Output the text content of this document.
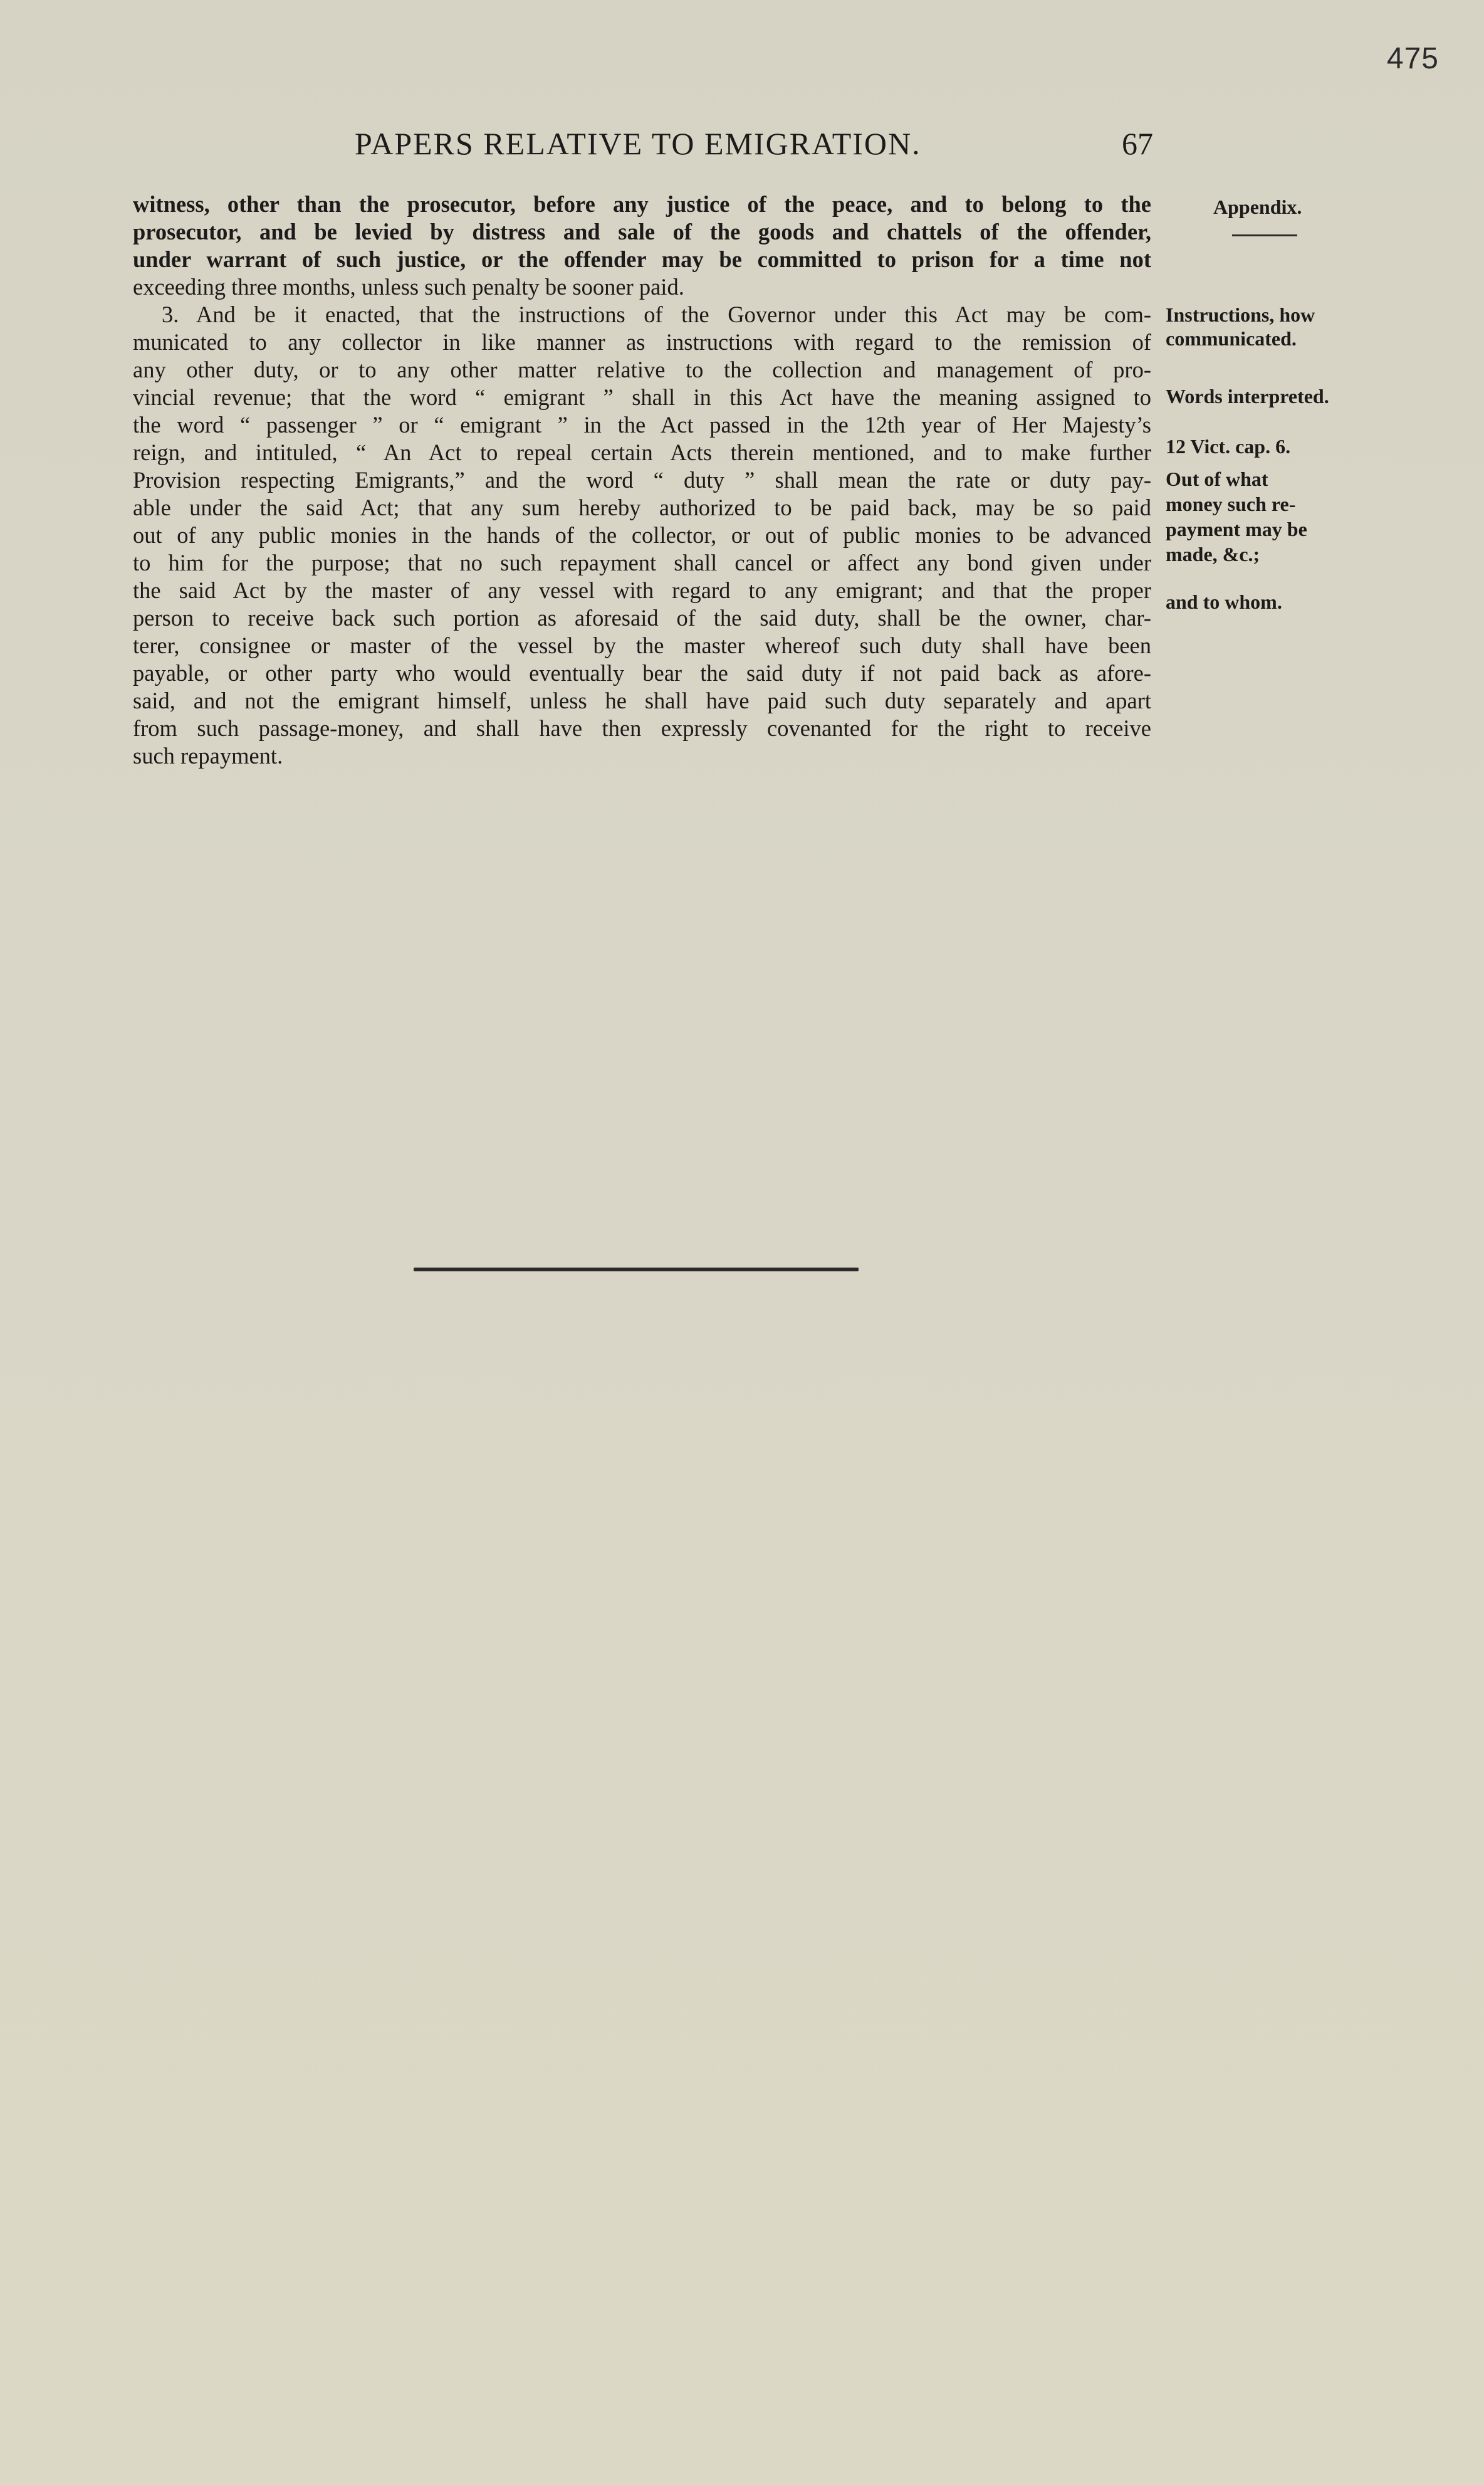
475
PAPERS RELATIVE TO EMIGRATION.	67
witness, other than the prosecutor, before any justice of the peace, and to belong to the
prosecutor, and be levied by distress and sale of the goods and chattels of the offender,
under warrant of such justice, or the offender may be committed to prison for a time not
exceeding three months, unless such penalty be sooner paid.
3. And be it enacted, that the instructions of the Governor under this Act may be com-
municated to any collector in like manner as instructions with regard to the remission of
any other duty, or to any other matter relative to the collection and management of pro-
vincial revenue; that the word “ emigrant ” shall in this Act have the meaning assigned to
the word “ passenger ” or “ emigrant ” in the Act passed in the 12th year of Her Majesty’s
reign, and intituled, “ An Act to repeal certain Acts therein mentioned, and to make further
Provision respecting Emigrants,” and the word “ duty ” shall mean the rate or duty pay-
able under the said Act; that any sum hereby authorized to be paid back, may be so paid
out of any public monies in the hands of the collector, or out of public monies to be advanced
to him for the purpose; that no such repayment shall cancel or affect any bond given under
the said Act by the master of any vessel with regard to any emigrant; and that the proper
person to receive back such portion as aforesaid of the said duty, shall be the owner, char-
terer, consignee or master of the vessel by the master whereof such duty shall have been
payable, or other party who would eventually bear the said duty if not paid back as afore-
said, and not the emigrant himself, unless he shall have paid such duty separately and apart
from such passage-money, and shall have then expressly covenanted for the right to receive
such repayment.
Appendix.
Instructions, how
communicated.
Words interpreted.
12 Vict. cap. 6.
Out of what
money such re-
payment may be
made, &c.;
and to whom.
